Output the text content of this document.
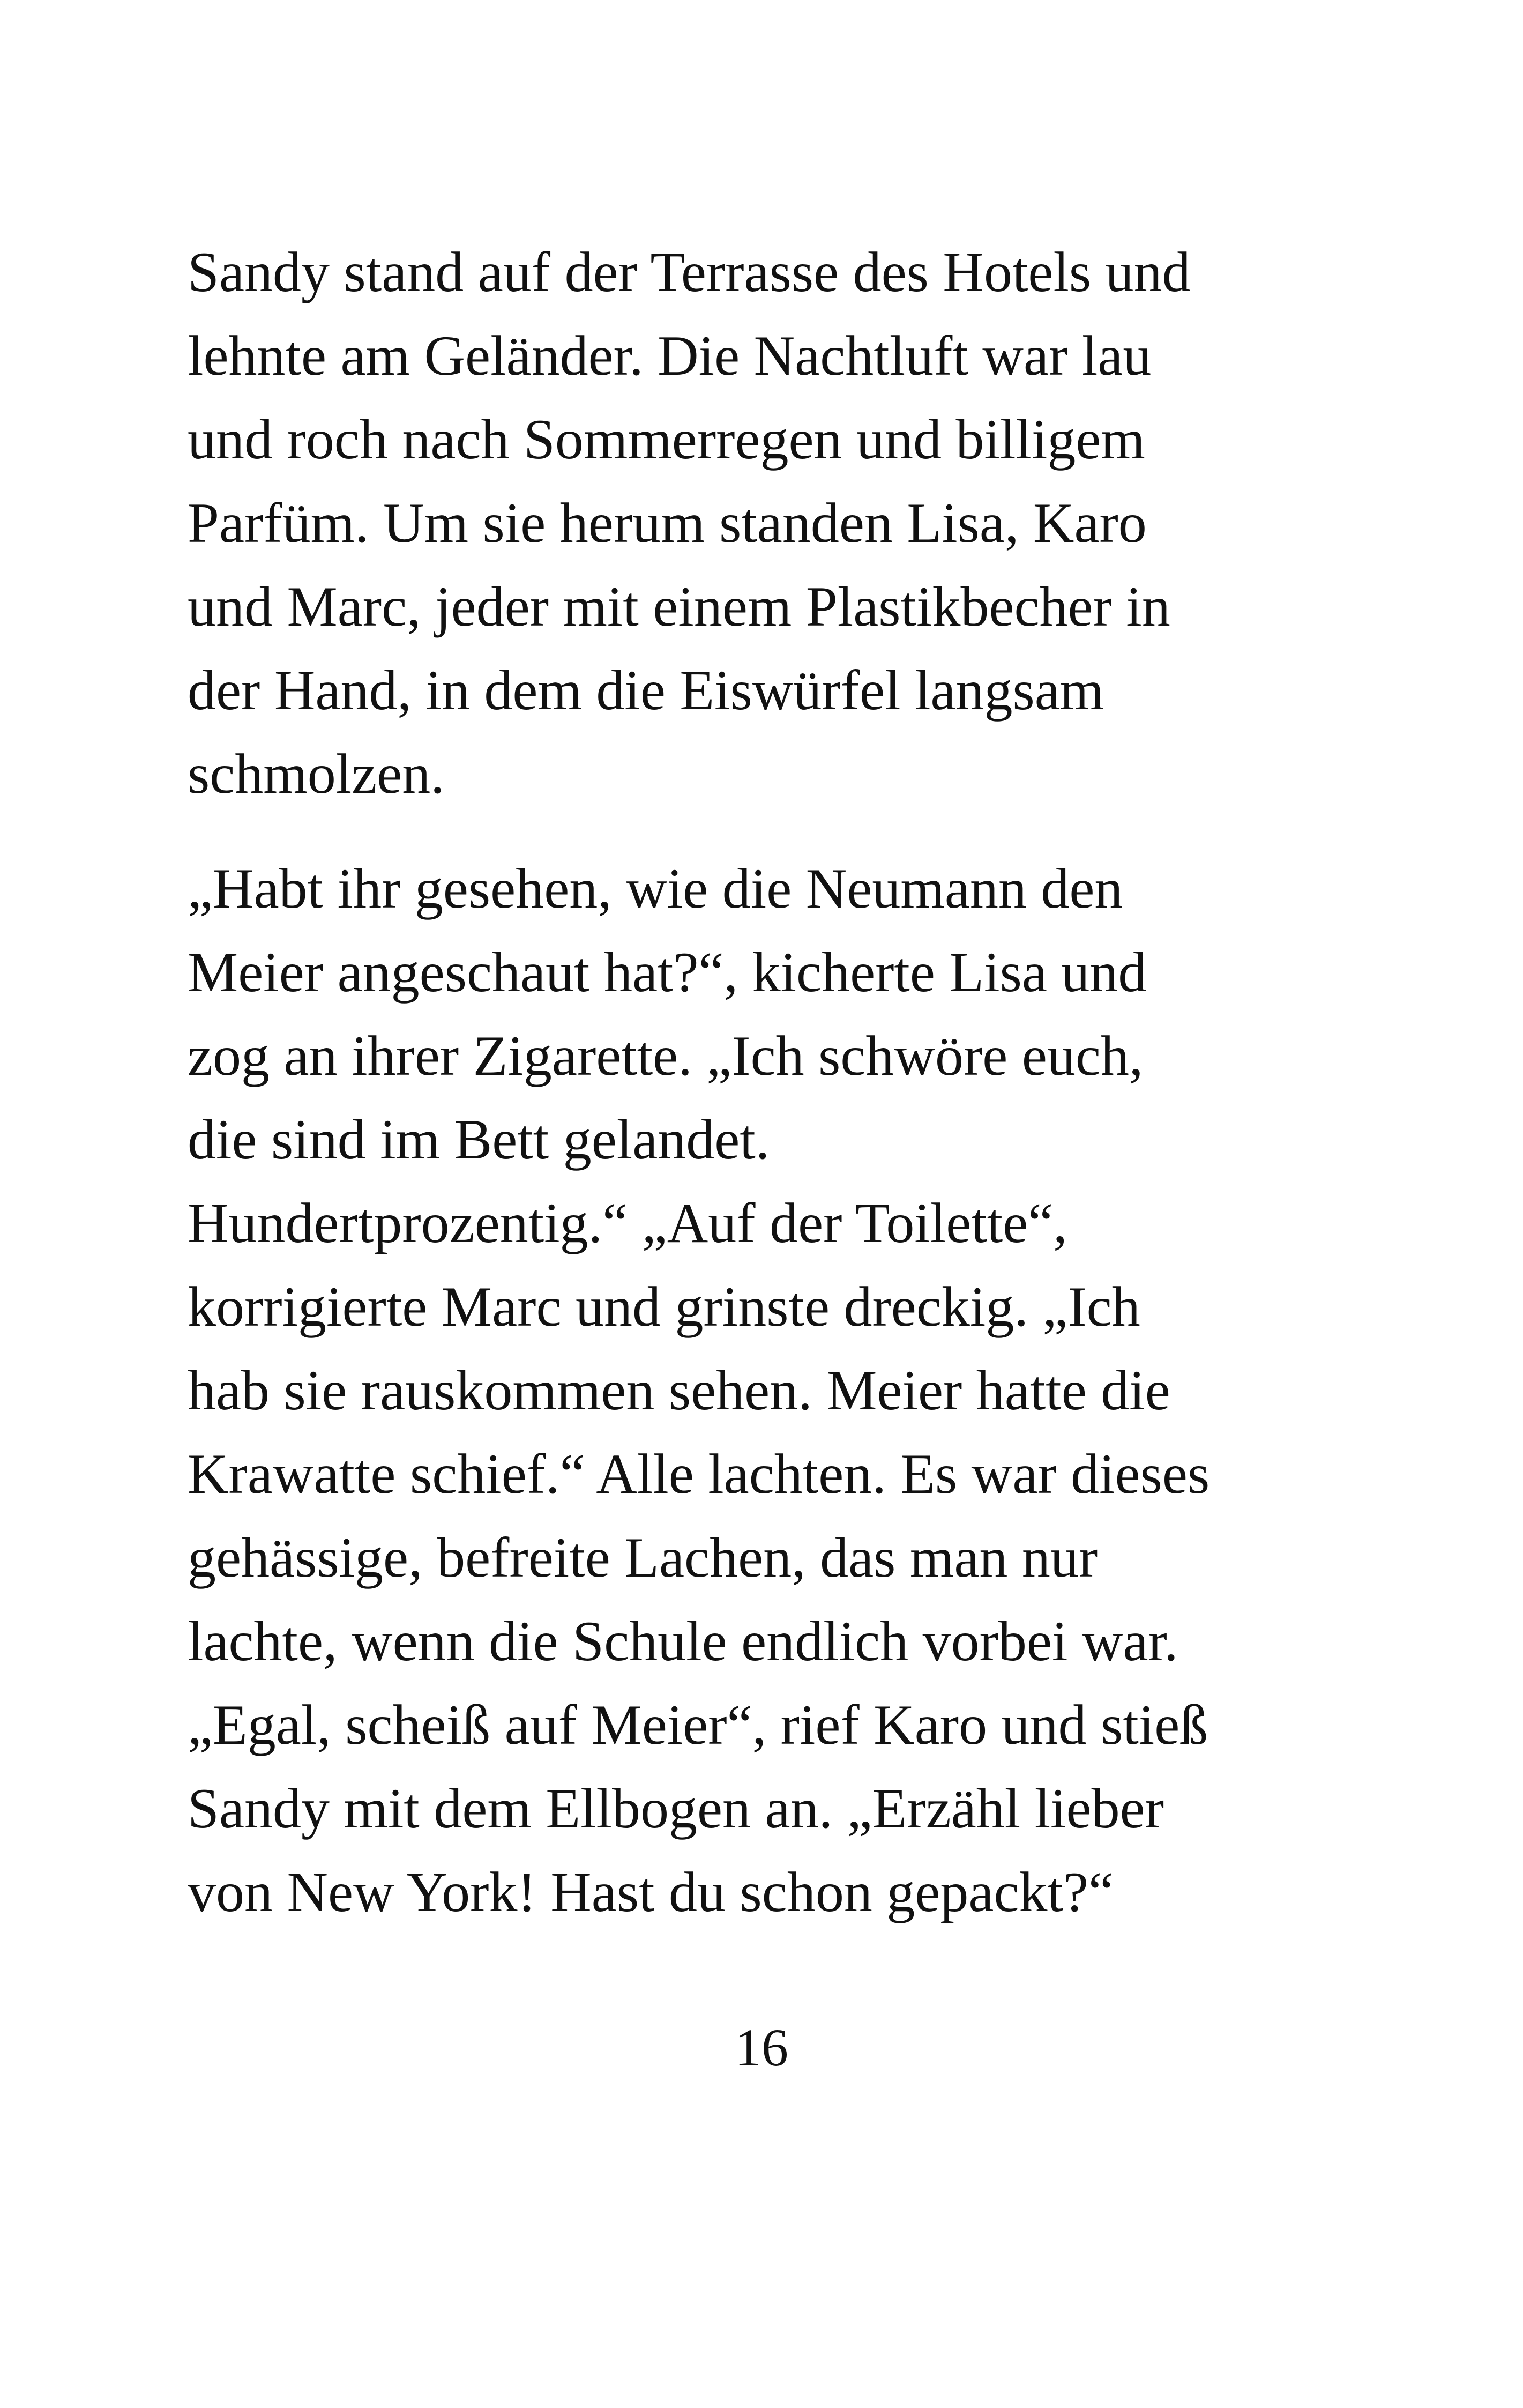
Sandy stand auf der Terrasse des Hotels und
lehnte am Geländer. Die Nachtluft war lau
und roch nach Sommerregen und billigem
Parfüm. Um sie herum standen Lisa, Karo
und Marc, jeder mit einem Plastikbecher in
der Hand, in dem die Eiswürfel langsam
schmolzen.

„Habt ihr gesehen, wie die Neumann den
Meier angeschaut hat?“, kicherte Lisa und
zog an ihrer Zigarette. „Ich schwöre euch,
die sind im Bett gelandet.
Hundertprozentig.“ „Auf der Toilette“,
korrigierte Marc und grinste dreckig. „Ich
hab sie rauskommen sehen. Meier hatte die
Krawatte schief.“ Alle lachten. Es war dieses
gehässige, befreite Lachen, das man nur
lachte, wenn die Schule endlich vorbei war.
„Egal, scheiß auf Meier“, rief Karo und stieß
Sandy mit dem Ellbogen an. „Erzähl lieber
von New York! Hast du schon gepackt?“

16
